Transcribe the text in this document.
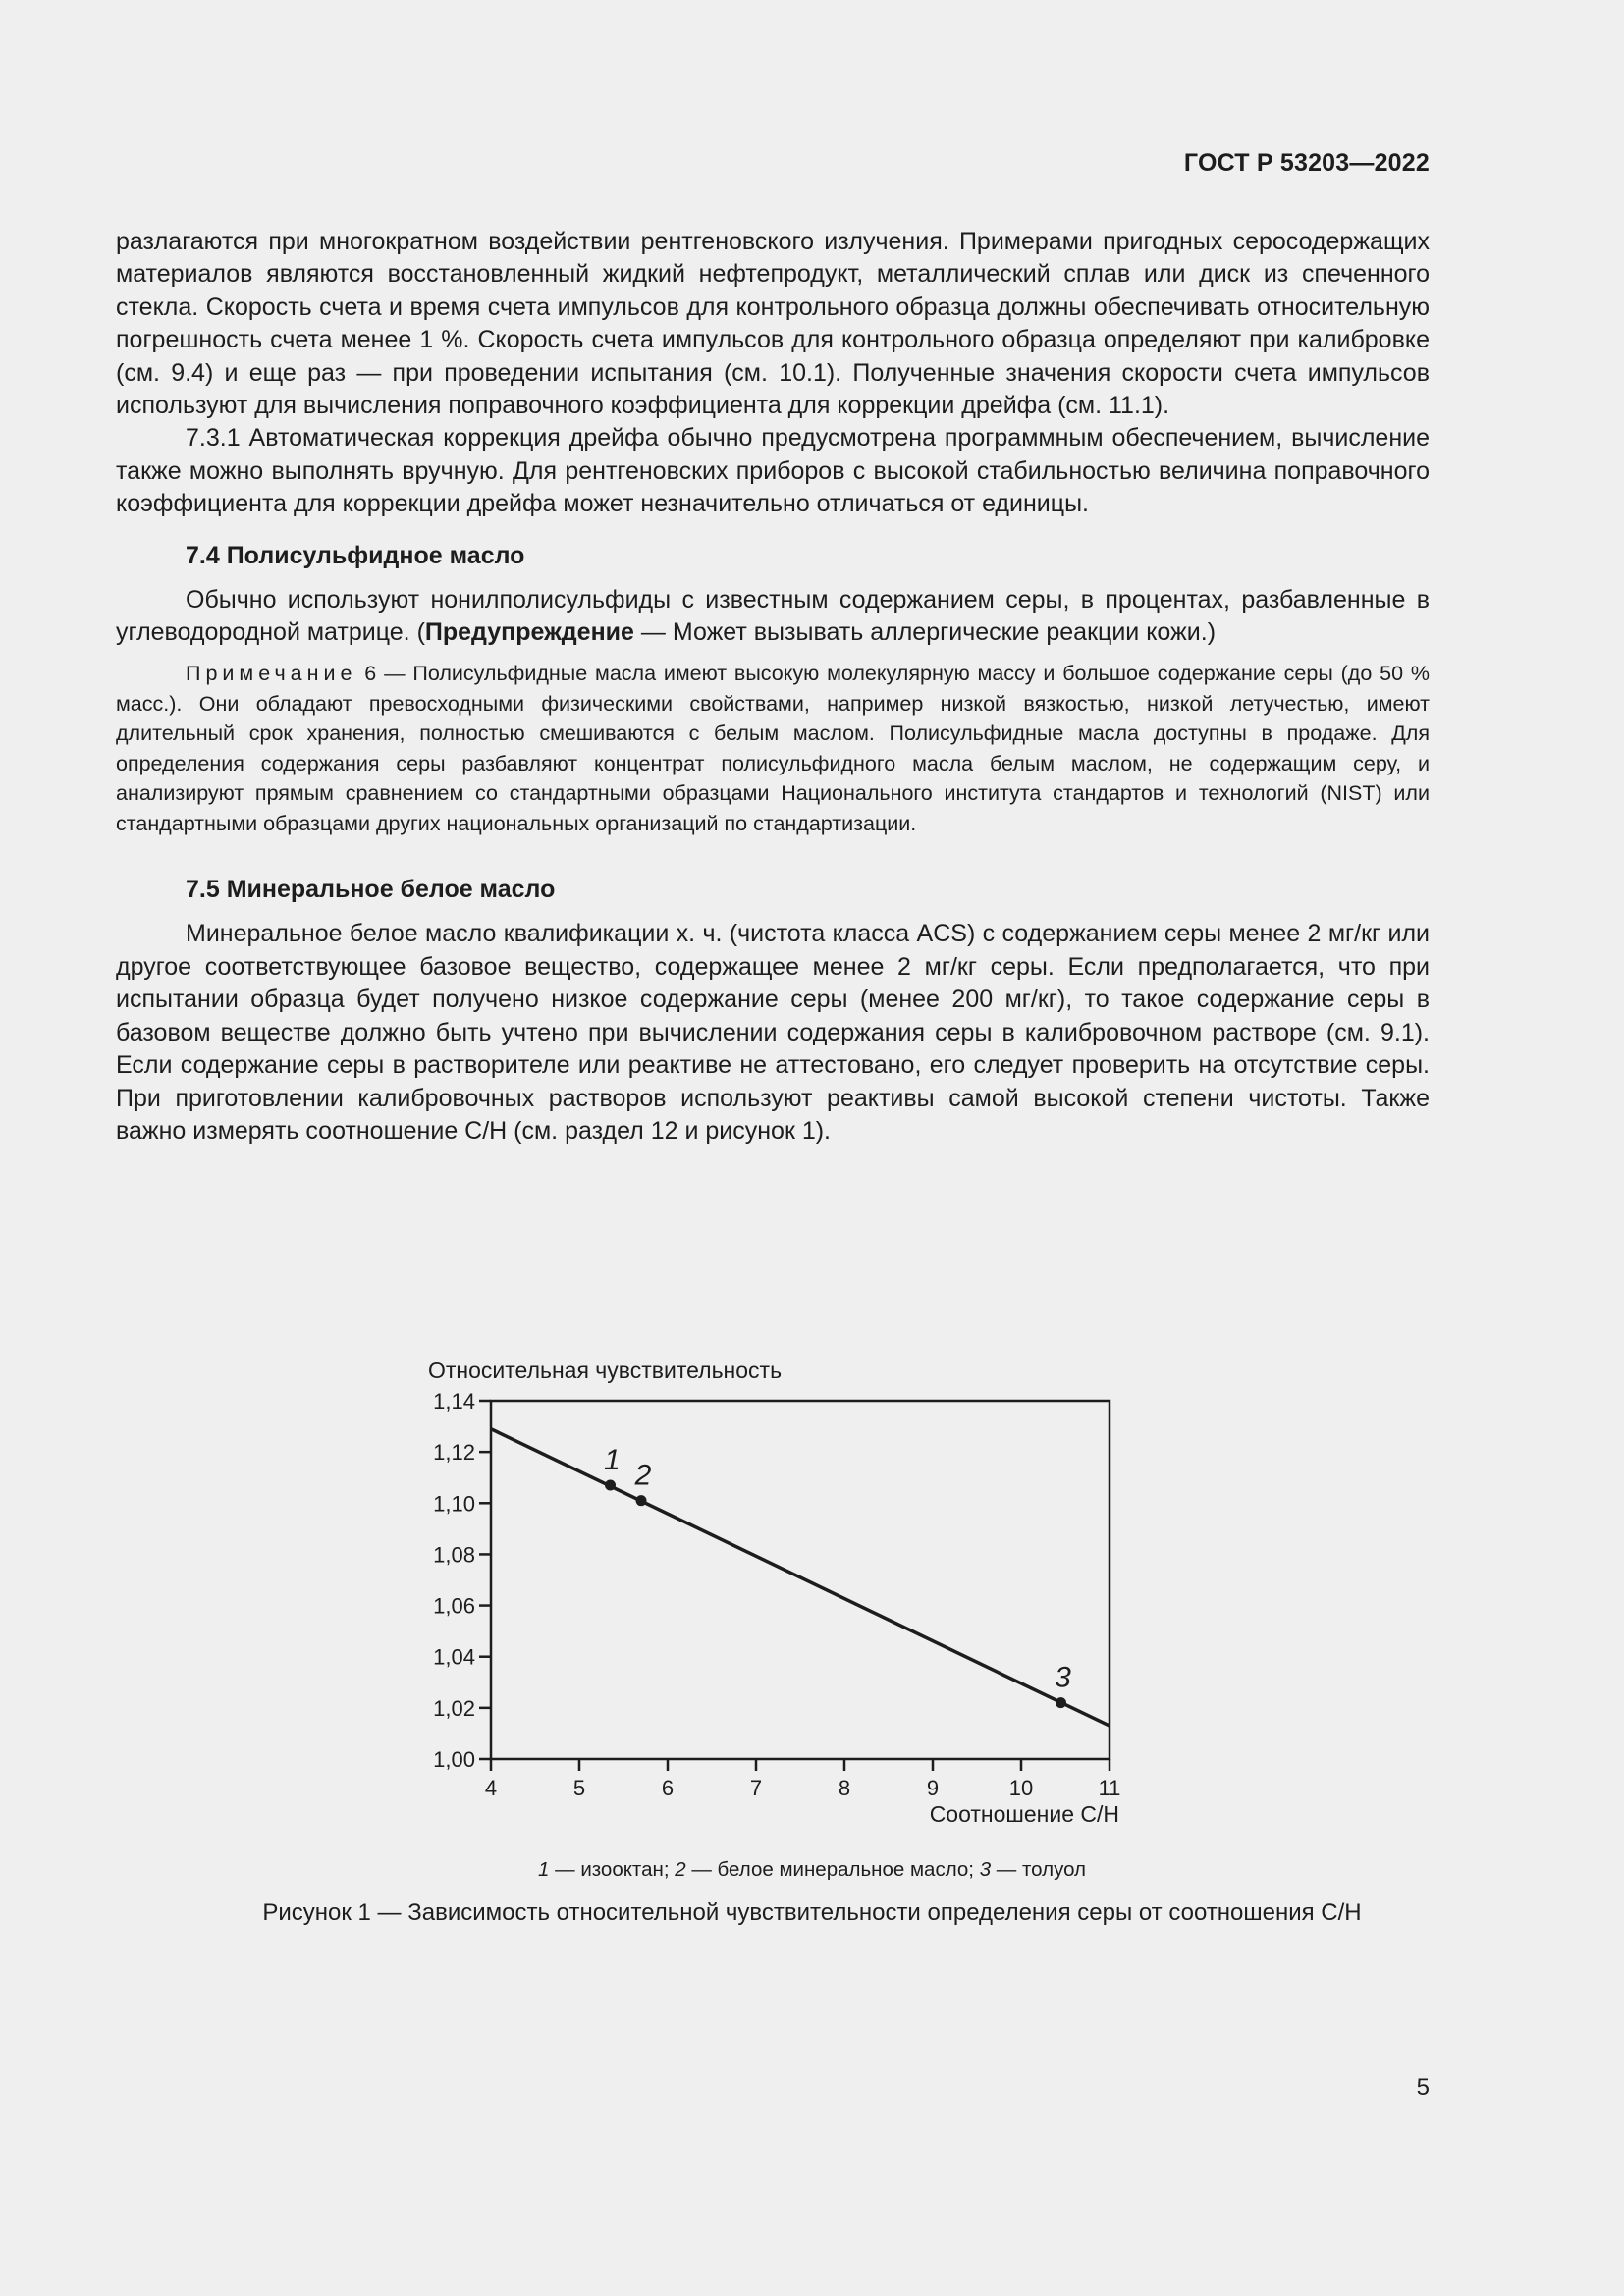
ГОСТ Р 53203—2022

разлагаются при многократном воздействии рентгеновского излучения. Примерами пригодных серосодержащих материалов являются восстановленный жидкий нефтепродукт, металлический сплав или диск из спеченного стекла. Скорость счета и время счета импульсов для контрольного образца должны обеспечивать относительную погрешность счета менее 1 %. Скорость счета импульсов для контрольного образца определяют при калибровке (см. 9.4) и еще раз — при проведении испытания (см. 10.1). Полученные значения скорости счета импульсов используют для вычисления поправочного коэффициента для коррекции дрейфа (см. 11.1).

7.3.1 Автоматическая коррекция дрейфа обычно предусмотрена программным обеспечением, вычисление также можно выполнять вручную. Для рентгеновских приборов с высокой стабильностью величина поправочного коэффициента для коррекции дрейфа может незначительно отличаться от единицы.

7.4 Полисульфидное масло

Обычно используют нонилполисульфиды с известным содержанием серы, в процентах, разбавленные в углеводородной матрице. (Предупреждение — Может вызывать аллергические реакции кожи.)

Примечание 6 — Полисульфидные масла имеют высокую молекулярную массу и большое содержание серы (до 50 % масс.). Они обладают превосходными физическими свойствами, например низкой вязкостью, низкой летучестью, имеют длительный срок хранения, полностью смешиваются с белым маслом. Полисульфидные масла доступны в продаже. Для определения содержания серы разбавляют концентрат полисульфидного масла белым маслом, не содержащим серу, и анализируют прямым сравнением со стандартными образцами Национального института стандартов и технологий (NIST) или стандартными образцами других национальных организаций по стандартизации.

7.5 Минеральное белое масло

Минеральное белое масло квалификации х. ч. (чистота класса ACS) с содержанием серы менее 2 мг/кг или другое соответствующее базовое вещество, содержащее менее 2 мг/кг серы. Если предполагается, что при испытании образца будет получено низкое содержание серы (менее 200 мг/кг), то такое содержание серы в базовом веществе должно быть учтено при вычислении содержания серы в калибровочном растворе (см. 9.1). Если содержание серы в растворителе или реактиве не аттестовано, его следует проверить на отсутствие серы. При приготовлении калибровочных растворов используют реактивы самой высокой степени чистоты. Также важно измерять соотношение С/Н (см. раздел 12 и рисунок 1).

Относительная чувствительность
1,00
1,02
1,04
1,06
1,08
1,10
1,12
1,14
4	5	6	7	8	9	10	11
1 2
3
Соотношение С/Н
1 — изооктан; 2 — белое минеральное масло; 3 — толуол
Рисунок 1 — Зависимость относительной чувствительности определения серы от соотношения С/Н
5
